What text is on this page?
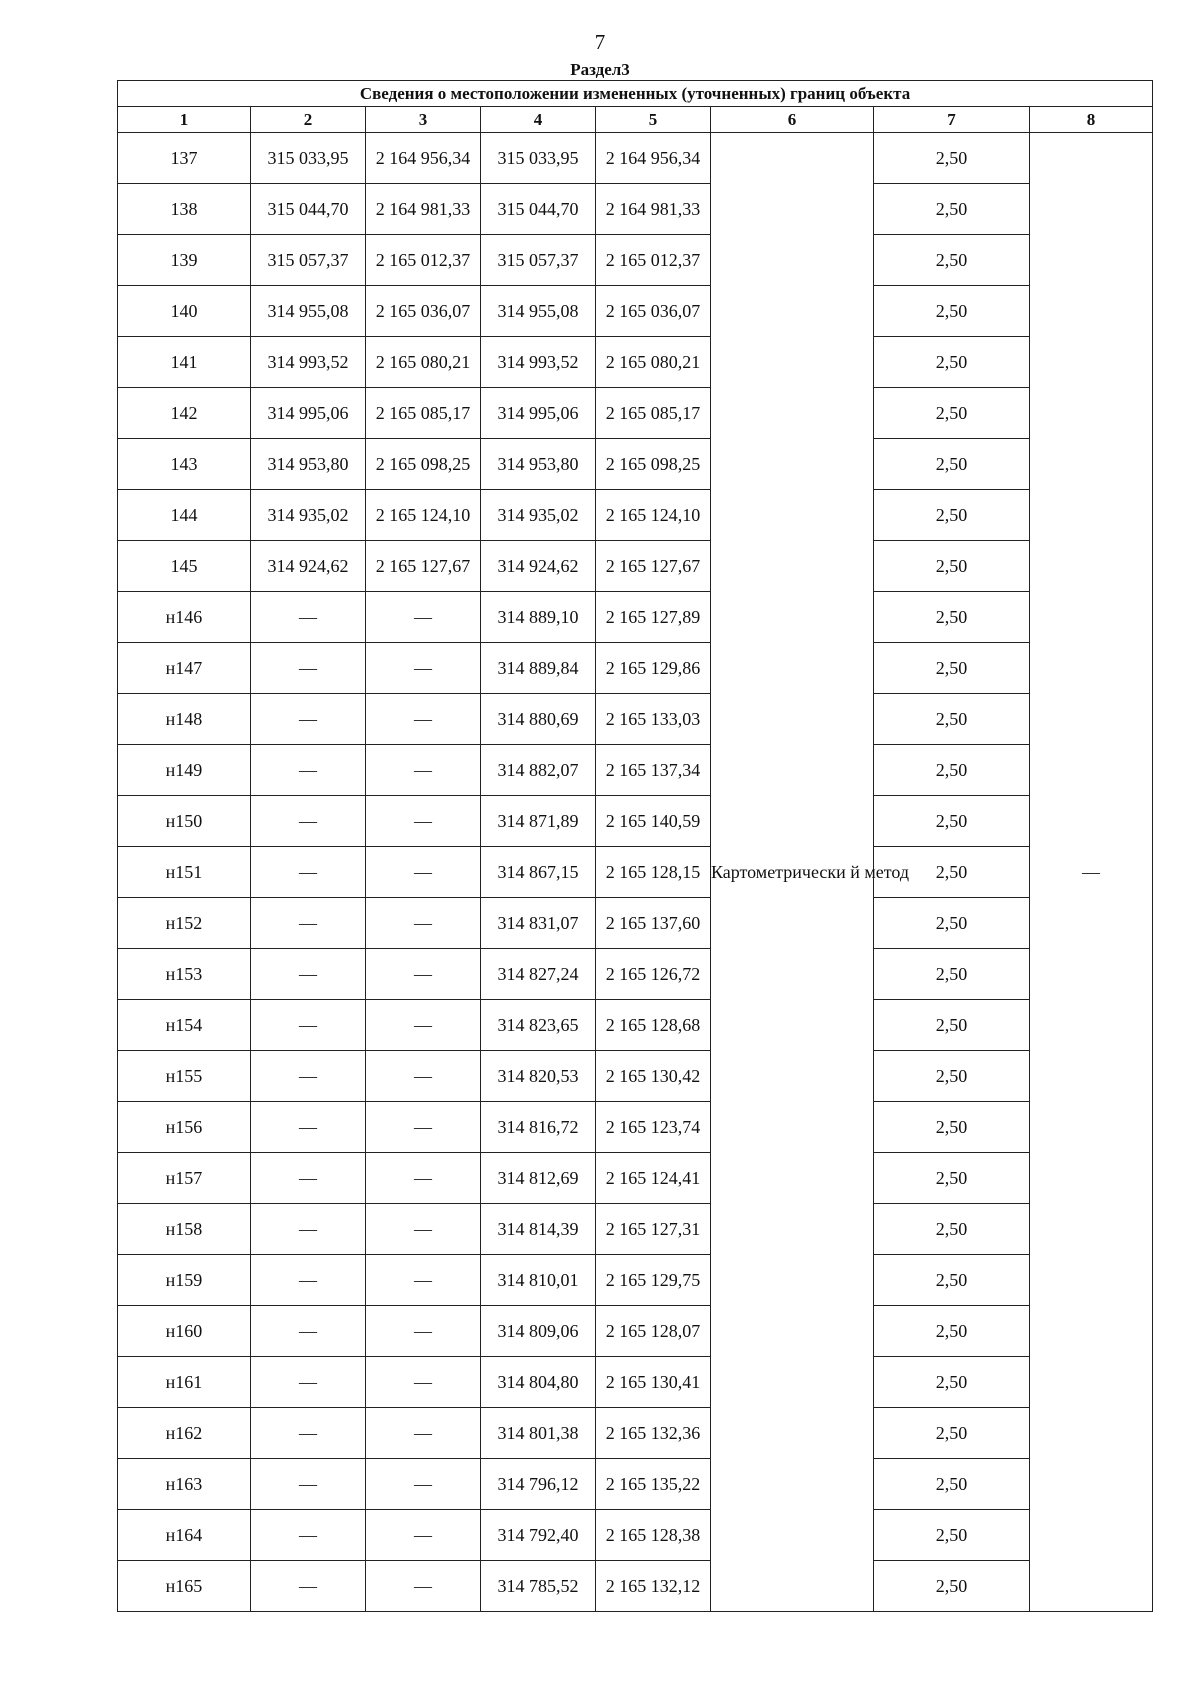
7
Раздел3
Сведения о местоположении измененных (уточненных) границ объекта							
1	2	3	4	5	6	7	8
137	315 033,95	2 164 956,34	315 033,95	2 164 956,34	Картометрически й метод	2,50	—
138	315 044,70	2 164 981,33	315 044,70	2 164 981,33		2,50	
139	315 057,37	2 165 012,37	315 057,37	2 165 012,37		2,50	
140	314 955,08	2 165 036,07	314 955,08	2 165 036,07		2,50	
141	314 993,52	2 165 080,21	314 993,52	2 165 080,21		2,50	
142	314 995,06	2 165 085,17	314 995,06	2 165 085,17		2,50	
143	314 953,80	2 165 098,25	314 953,80	2 165 098,25		2,50	
144	314 935,02	2 165 124,10	314 935,02	2 165 124,10		2,50	
145	314 924,62	2 165 127,67	314 924,62	2 165 127,67		2,50	
н146	—	—	314 889,10	2 165 127,89		2,50	
н147	—	—	314 889,84	2 165 129,86		2,50	
н148	—	—	314 880,69	2 165 133,03		2,50	
н149	—	—	314 882,07	2 165 137,34		2,50	
н150	—	—	314 871,89	2 165 140,59		2,50	
н151	—	—	314 867,15	2 165 128,15		2,50	
н152	—	—	314 831,07	2 165 137,60		2,50	
н153	—	—	314 827,24	2 165 126,72		2,50	
н154	—	—	314 823,65	2 165 128,68		2,50	
н155	—	—	314 820,53	2 165 130,42		2,50	
н156	—	—	314 816,72	2 165 123,74		2,50	
н157	—	—	314 812,69	2 165 124,41		2,50	
н158	—	—	314 814,39	2 165 127,31		2,50	
н159	—	—	314 810,01	2 165 129,75		2,50	
н160	—	—	314 809,06	2 165 128,07		2,50	
н161	—	—	314 804,80	2 165 130,41		2,50	
н162	—	—	314 801,38	2 165 132,36		2,50	
н163	—	—	314 796,12	2 165 135,22		2,50	
н164	—	—	314 792,40	2 165 128,38		2,50	
н165	—	—	314 785,52	2 165 132,12		2,50	
